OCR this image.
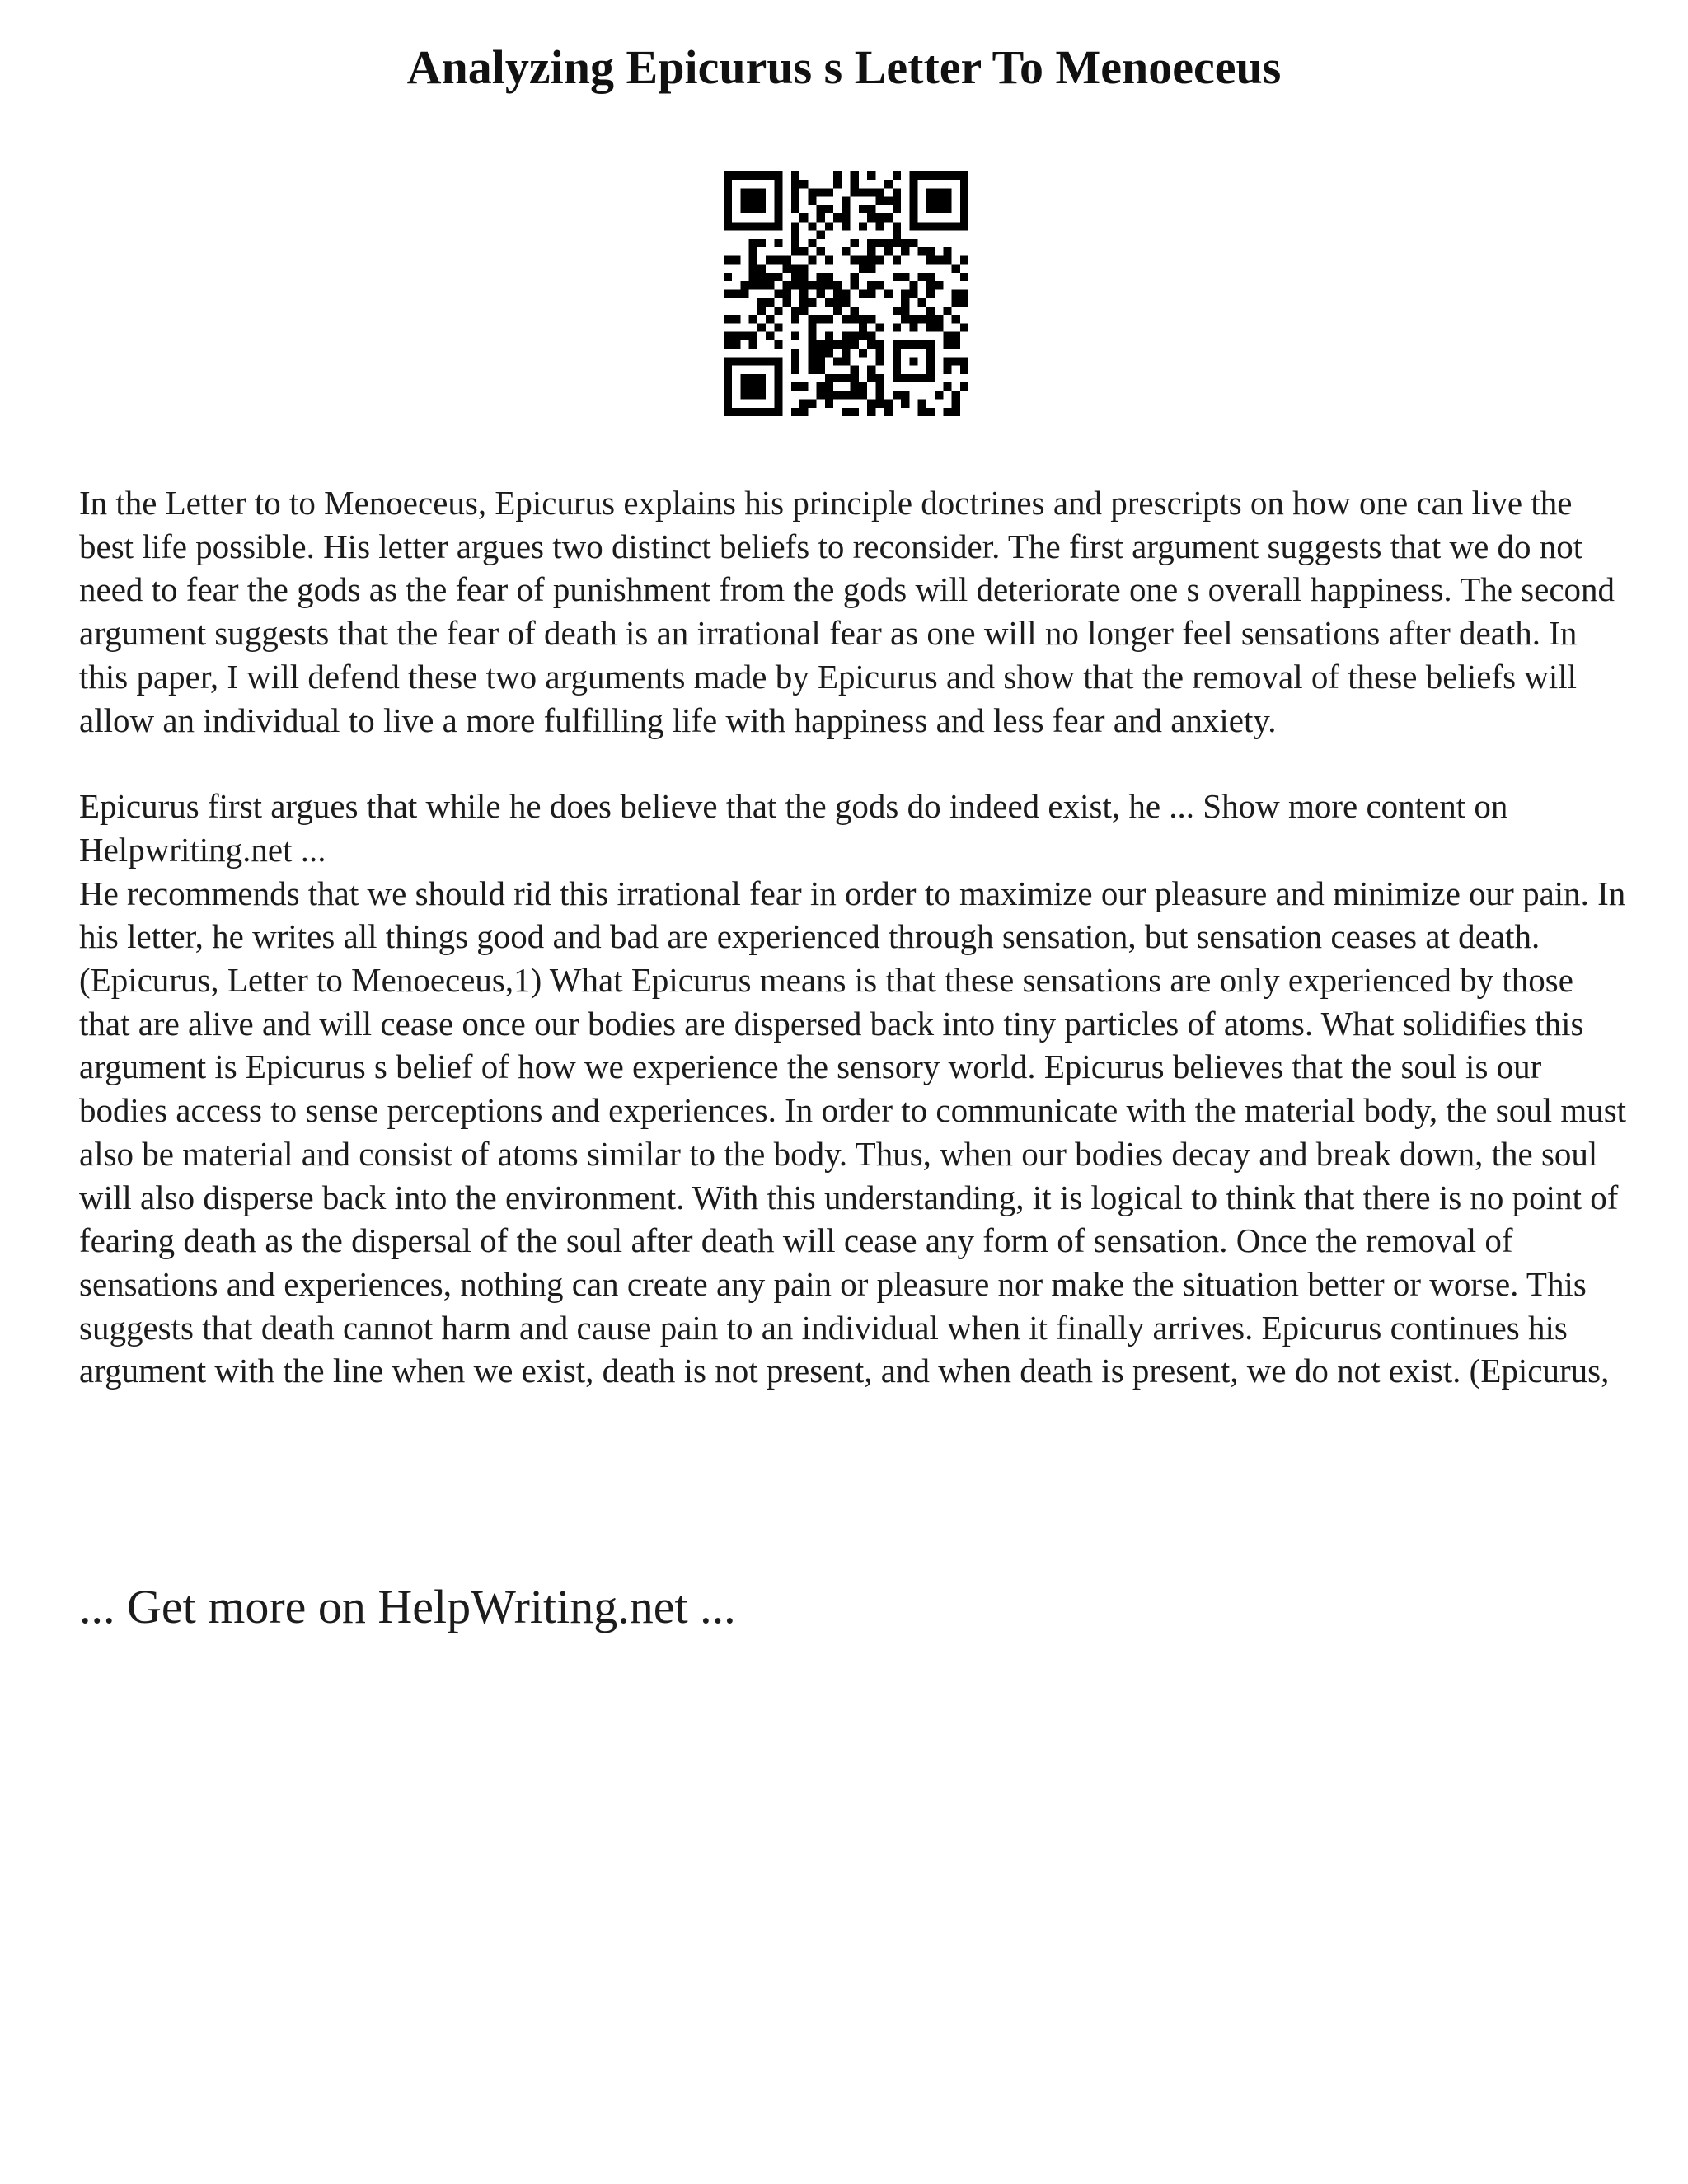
Analyzing Epicurus s Letter To Menoeceus

In the Letter to to Menoeceus, Epicurus explains his principle doctrines and prescripts on how one can live the best life possible. His letter argues two distinct beliefs to reconsider. The first argument suggests that we do not need to fear the gods as the fear of punishment from the gods will deteriorate one s overall happiness. The second argument suggests that the fear of death is an irrational fear as one will no longer feel sensations after death. In this paper, I will defend these two arguments made by Epicurus and show that the removal of these beliefs will allow an individual to live a more fulfilling life with happiness and less fear and anxiety.

Epicurus first argues that while he does believe that the gods do indeed exist, he ... Show more content on Helpwriting.net ...

He recommends that we should rid this irrational fear in order to maximize our pleasure and minimize our pain. In his letter, he writes all things good and bad are experienced through sensation, but sensation ceases at death. (Epicurus, Letter to Menoeceus,1) What Epicurus means is that these sensations are only experienced by those that are alive and will cease once our bodies are dispersed back into tiny particles of atoms. What solidifies this argument is Epicurus s belief of how we experience the sensory world. Epicurus believes that the soul is our bodies access to sense perceptions and experiences. In order to communicate with the material body, the soul must also be material and consist of atoms similar to the body. Thus, when our bodies decay and break down, the soul will also disperse back into the environment. With this understanding, it is logical to think that there is no point of fearing death as the dispersal of the soul after death will cease any form of sensation. Once the removal of sensations and experiences, nothing can create any pain or pleasure nor make the situation better or worse. This suggests that death cannot harm and cause pain to an individual when it finally arrives. Epicurus continues his argument with the line when we exist, death is not present, and when death is present, we do not exist. (Epicurus,

... Get more on HelpWriting.net ...
